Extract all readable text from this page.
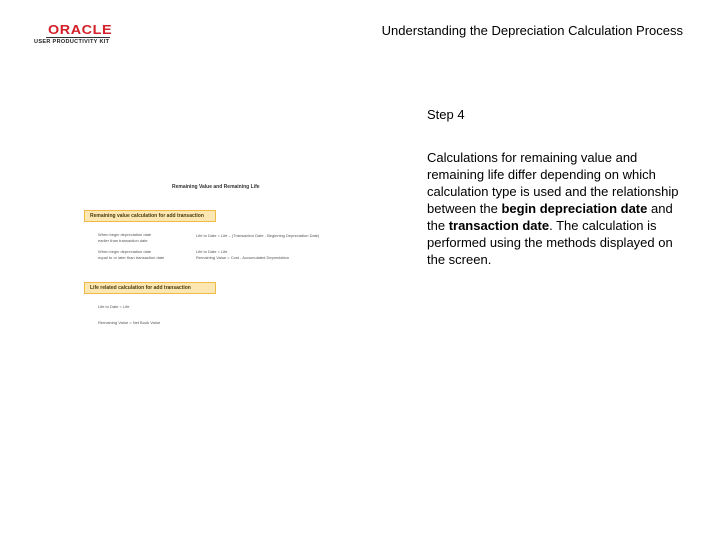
ORACLE
USER PRODUCTIVITY KIT
Understanding the Depreciation Calculation Process
Step 4
Calculations for remaining value and remaining life differ depending on which calculation type is used and the relationship between the begin depreciation date and the transaction date. The calculation is performed using the methods displayed on the screen.
Remaining Value and Remaining Life
Remaining value calculation for add transaction
When begin depreciation date
earlier than transaction date
Life to Date = Life – (Transaction Date - Beginning Depreciation Date)
When begin depreciation date
equal to or later than transaction date
Life to Date = Life
Remaining Value = Cost - Accumulated Depreciation
Life related calculation for add transaction
Life to Date = Life
Remaining Value = Net Book Value
